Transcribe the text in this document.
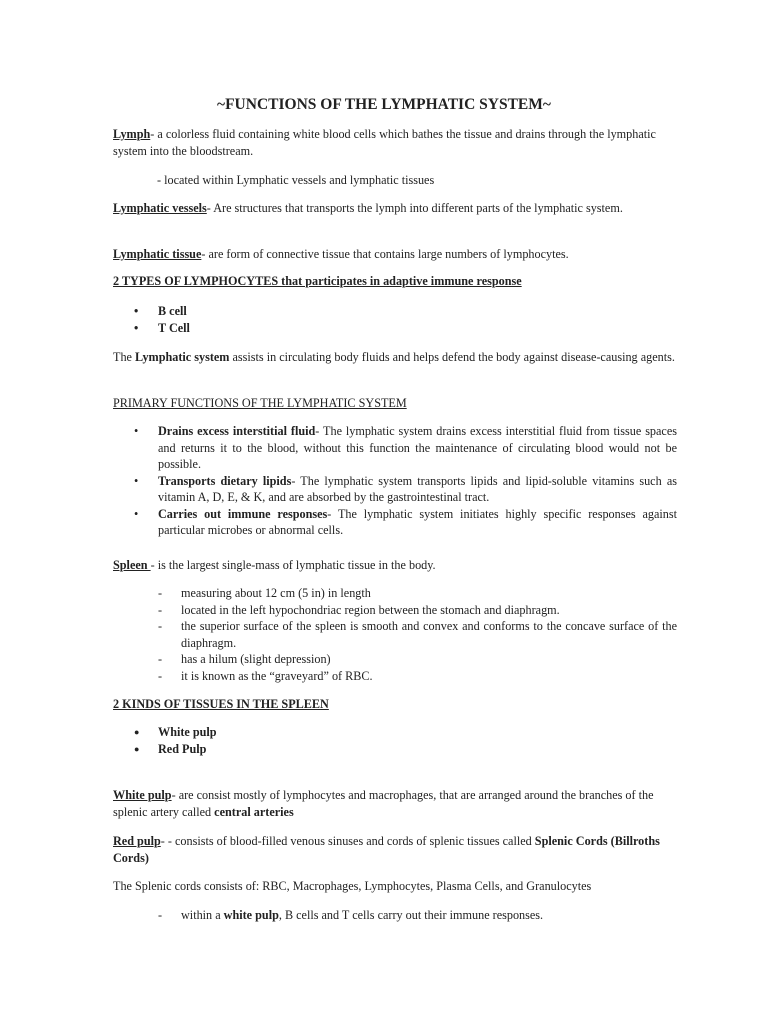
~FUNCTIONS OF THE LYMPHATIC SYSTEM~

Lymph- a colorless fluid containing white blood cells which bathes the tissue and drains through the lymphatic system into the bloodstream.

- located within Lymphatic vessels and lymphatic tissues

Lymphatic vessels- Are structures that transports the lymph into different parts of the lymphatic system.

Lymphatic tissue- are form of connective tissue that contains large numbers of lymphocytes.

2 TYPES OF LYMPHOCYTES that participates in adaptive immune response

• B cell
• T Cell

The Lymphatic system assists in circulating body fluids and helps defend the body against disease-causing agents.

PRIMARY FUNCTIONS OF THE LYMPHATIC SYSTEM

• Drains excess interstitial fluid- The lymphatic system drains excess interstitial fluid from tissue spaces and returns it to the blood, without this function the maintenance of circulating blood would not be possible.
• Transports dietary lipids- The lymphatic system transports lipids and lipid-soluble vitamins such as vitamin A, D, E, & K, and are absorbed by the gastrointestinal tract.
• Carries out immune responses- The lymphatic system initiates highly specific responses against particular microbes or abnormal cells.

Spleen - is the largest single-mass of lymphatic tissue in the body.

- measuring about 12 cm (5 in) in length
- located in the left hypochondriac region between the stomach and diaphragm.
- the superior surface of the spleen is smooth and convex and conforms to the concave surface of the diaphragm.
- has a hilum (slight depression)
- it is known as the “graveyard” of RBC.

2 KINDS OF TISSUES IN THE SPLEEN

● White pulp
● Red Pulp

White pulp- are consist mostly of lymphocytes and macrophages, that are arranged around the branches of the splenic artery called central arteries

Red pulp- - consists of blood-filled venous sinuses and cords of splenic tissues called Splenic Cords (Billroths Cords)

The Splenic cords consists of: RBC, Macrophages, Lymphocytes, Plasma Cells, and Granulocytes

- within a white pulp, B cells and T cells carry out their immune responses.
